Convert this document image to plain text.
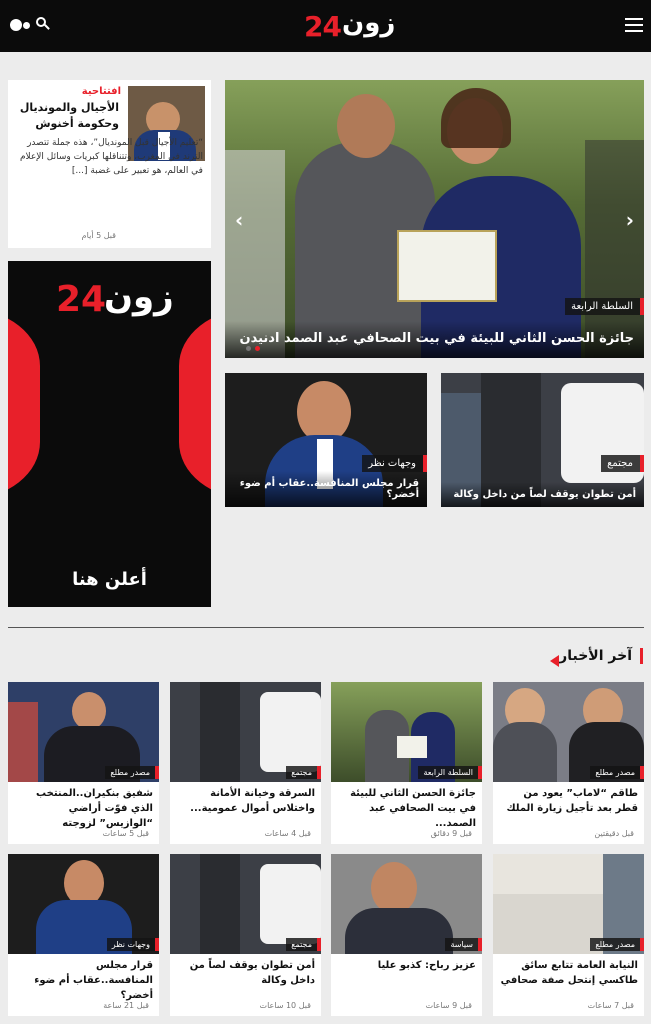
24 زون
افتتاحية
الأجيال والمونديال وحكومة أخنوش
“تعليم الأجيال قبل المونديال”، هذه جملة تتصدر الترند في المغرب، وتتناقلها كبريات وسائل الإعلام في العالم، هو تعبير على غضبة [...]
قبل 5 أيام
24
زون
أعلن هنا
‹	›
السلطة الرابعة
جائزة الحسن الثاني للبيئة في بيت الصحافي عبد الصمد ادنيدن
وجهات نظر
قرار مجلس المنافسة..عقاب أم ضوء أخضر؟
مجتمع
أمن تطوان يوقف لصاً من داخل وكالة
آخر الأخبار
مصدر مطلع
طاقم “لاماب” يعود من قطر بعد تأجيل زيارة الملك
قبل دقيقتين
السلطة الرابعة
جائزة الحسن الثاني للبيئة في بيت الصحافي عبد الصمد...
قبل 9 دقائق
مجتمع
السرقة وخيانة الأمانة واختلاس أموال عمومية...
قبل 4 ساعات
مصدر مطلع
شفيق بنكيران..المنتخب الذي فوّت أراضي “الوازيس” لزوجته
قبل 5 ساعات
مصدر مطلع
النيابة العامة تتابع سائق طاكسي إنتحل صفة صحافي
قبل 7 ساعات
سياسة
عزيز رباح: كذبو عليا
قبل 9 ساعات
مجتمع
أمن تطوان يوقف لصاً من داخل وكالة
قبل 10 ساعات
وجهات نظر
قرار مجلس المنافسة..عقاب أم ضوء أخضر؟
قبل 21 ساعة
